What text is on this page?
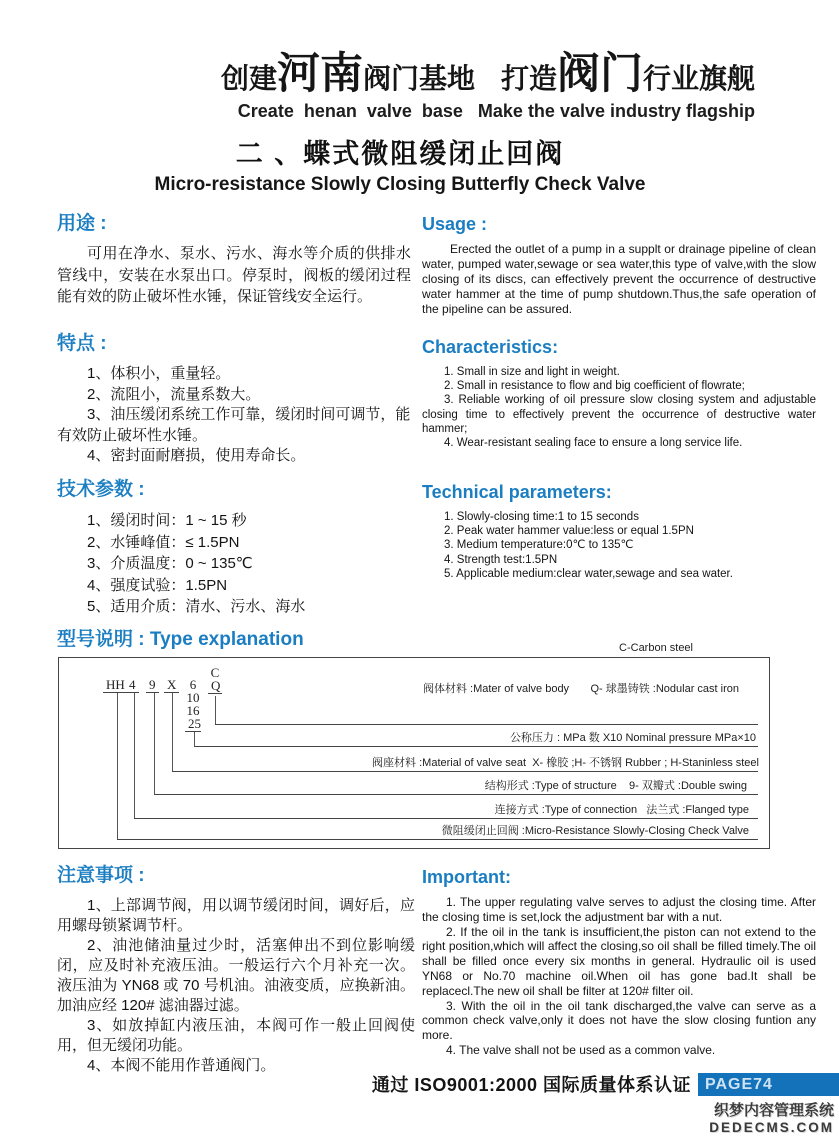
创建河南阀门基地 打造阀门行业旗舰
Create  henan  valve  base   Make the valve industry flagship
二 、蝶式微阻缓闭止回阀
Micro-resistance Slowly Closing Butterfly Check Valve
用途 :

可用在净水、泵水、污水、海水等介质的供排水管线中，安装在水泵出口。停泵时，阀板的缓闭过程能有效的防止破坏性水锤，保证管线安全运行。

Usage :

Erected the outlet of a pump in a supplt or drainage pipeline of clean water, pumped water,sewage or sea water,this type of valve,with the slow closing of its discs, can effectively prevent the occurrence of destructive water hammer at the time of pump shutdown.Thus,the safe operation of the pipeline can be assured.

特点 :

1、体积小，重量轻。

2、流阻小，流量系数大。

3、油压缓闭系统工作可靠，缓闭时间可调节，能有效防止破坏性水锤。

4、密封面耐磨损，使用寿命长。

Characteristics:

1. Small in size and light in weight.

2. Small in resistance to flow and big coefficient of flowrate;

3. Reliable working of oil pressure slow closing system and adjustable closing time to effectively prevent the occurrence of destructive water hammer;

4. Wear-resistant sealing face to ensure a long service life.

技术参数 :

1、缓闭时间：1 ~ 15 秒

2、水锤峰值：≤ 1.5PN

3、介质温度：0 ~ 135℃

4、强度试验：1.5PN

5、适用介质：清水、污水、海水

Technical parameters:

1. Slowly-closing time:1 to 15 seconds

2. Peak water hammer value:less or equal 1.5PN

3. Medium temperature:0℃ to 135℃

4. Strength test:1.5PN

5. Applicable medium:clear water,sewage and sea water.

型号说明 : Type explanation
HH 4 9 X	6
10
16
25
C
Q

C-Carbon steel

阀体材料 :Mater of valve body       Q- 球墨铸铁 :Nodular cast iron

公称压力 : MPa 数 X10 Nominal pressure MPa×10
阀座材料 :Material of valve seat  X- 橡胶 ;H- 不锈钢 Rubber ; H-Staninless steel
结构形式 :Type of structure    9- 双瓣式 :Double swing
连接方式 :Type of connection   法兰式 :Flanged type
微阻缓闭止回阀 :Micro-Resistance Slowly-Closing Check Valve
注意事项 :

1、上部调节阀，用以调节缓闭时间，调好后，应用螺母锁紧调节杆。

2、油池储油量过少时，活塞伸出不到位影响缓闭，应及时补充液压油。一般运行六个月补充一次。液压油为 YN68 或 70 号机油。油液变质，应换新油。加油应经 120# 滤油器过滤。

3、如放掉缸内液压油，本阀可作一般止回阀使用，但无缓闭功能。

4、本阀不能用作普通阀门。

Important:

1. The upper regulating valve serves to adjust the closing time. After the closing time is set,lock the adjustment bar with a nut.

2. If the oil in the tank is insufficient,the piston can not extend to the right position,which will affect the closing,so oil shall be filled timely.The oil shall be filled once every six months in general. Hydraulic oil is used YN68 or No.70 machine oil.When oil has gone bad.It shall be replacecl.The new oil shall be filter at 120# filter oil.

3. With the oil in the oil tank discharged,the valve can serve as a common check valve,only it does not have the slow closing funtion any more.

4. The valve shall not be used as a common valve.

通过 ISO9001:2000 国际质量体系认证 PAGE74
织梦内容管理系统
DEDECMS.COM
